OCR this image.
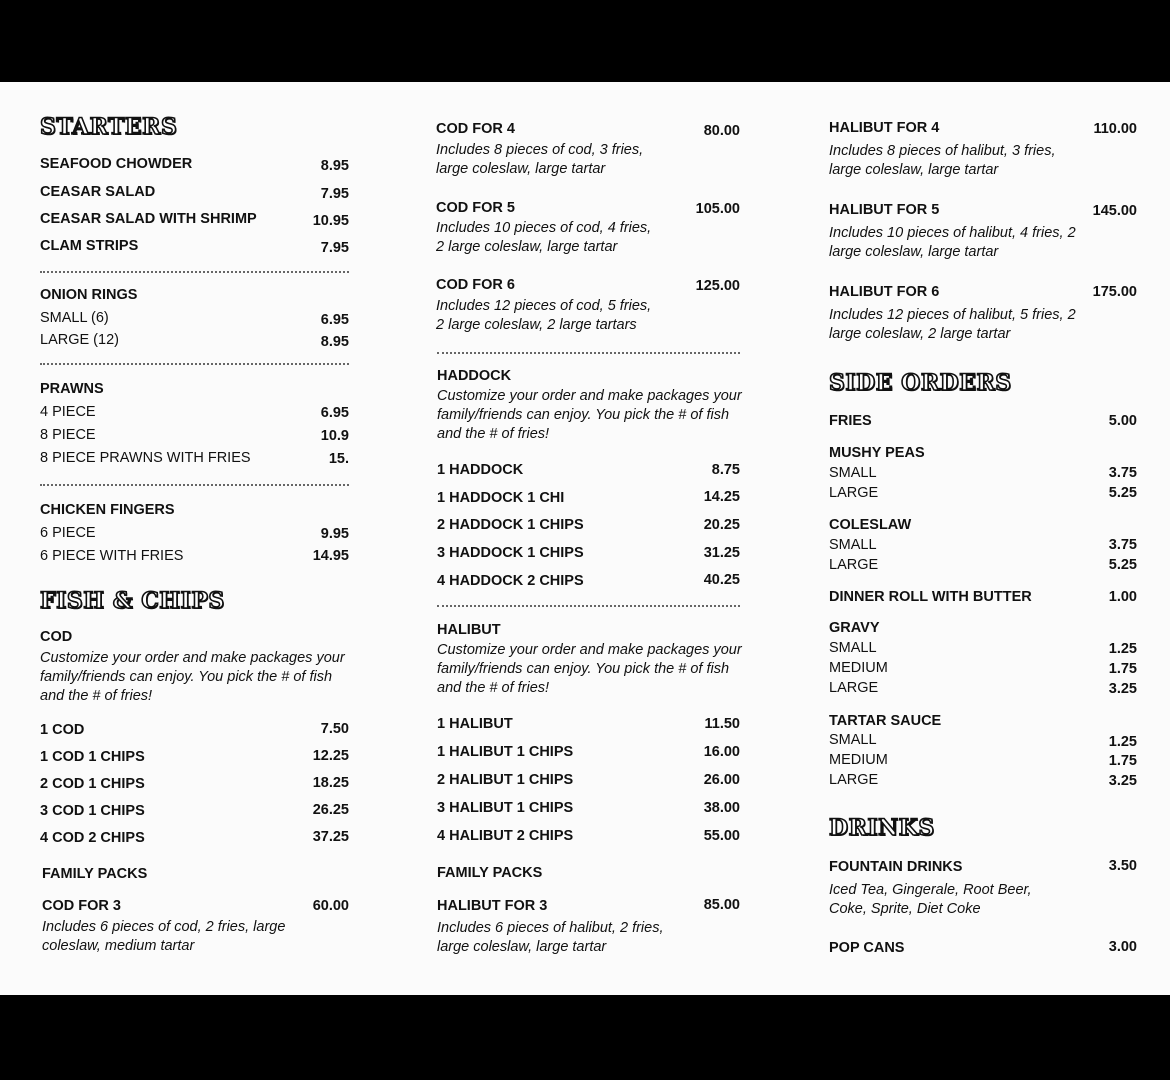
STARTERS
SEAFOOD CHOWDER	8.95
CEASAR SALAD	7.95
CEASAR SALAD WITH SHRIMP	10.95
CLAM STRIPS	7.95
ONION RINGS
SMALL (6)	6.95
LARGE (12)	8.95
PRAWNS
4 PIECE	6.95
8 PIECE	10.9
8 PIECE PRAWNS WITH FRIES	15.
CHICKEN FINGERS
6 PIECE	9.95
6 PIECE WITH FRIES	14.95
FISH & CHIPS
COD
Customize your order and make packages your family/friends can enjoy. You pick the # of fish and the # of fries!
1 COD	7.50
1 COD 1 CHIPS	12.25
2 COD 1 CHIPS	18.25
3 COD 1 CHIPS	26.25
4 COD 2 CHIPS	37.25
FAMILY PACKS
COD FOR 3	60.00
Includes 6 pieces of cod, 2 fries, large coleslaw, medium tartar
COD FOR 4	80.00
Includes 8 pieces of cod, 3 fries, large coleslaw, large tartar
COD FOR 5	105.00
Includes 10 pieces of cod, 4 fries, 2 large coleslaw, large tartar
COD FOR 6	125.00
Includes 12 pieces of cod, 5 fries, 2 large coleslaw, 2 large tartars
HADDOCK
Customize your order and make packages your family/friends can enjoy. You pick the # of fish and the # of fries!
1 HADDOCK	8.75
1 HADDOCK 1 CHI	14.25
2 HADDOCK 1 CHIPS	20.25
3 HADDOCK 1 CHIPS	31.25
4 HADDOCK 2 CHIPS	40.25
HALIBUT
Customize your order and make packages your family/friends can enjoy. You pick the # of fish and the # of fries!
1 HALIBUT	11.50
1 HALIBUT 1 CHIPS	16.00
2 HALIBUT 1 CHIPS	26.00
3 HALIBUT 1 CHIPS	38.00
4 HALIBUT 2 CHIPS	55.00
FAMILY PACKS
HALIBUT FOR 3	85.00
Includes 6 pieces of halibut, 2 fries, large coleslaw, large tartar
HALIBUT FOR 4	110.00
Includes 8 pieces of halibut, 3 fries, large coleslaw, large tartar
HALIBUT FOR 5	145.00
Includes 10 pieces of halibut, 4 fries, 2 large coleslaw, large tartar
HALIBUT FOR 6	175.00
Includes 12 pieces of halibut, 5 fries, 2 large coleslaw, 2 large tartar
SIDE ORDERS
FRIES	5.00
MUSHY PEAS
SMALL	3.75
LARGE	5.25
COLESLAW
SMALL	3.75
LARGE	5.25
DINNER ROLL WITH BUTTER	1.00
GRAVY
SMALL	1.25
MEDIUM	1.75
LARGE	3.25
TARTAR SAUCE
SMALL	1.25
MEDIUM	1.75
LARGE	3.25
DRINKS
FOUNTAIN DRINKS	3.50
Iced Tea, Gingerale, Root Beer, Coke, Sprite, Diet Coke
POP CANS	3.00
